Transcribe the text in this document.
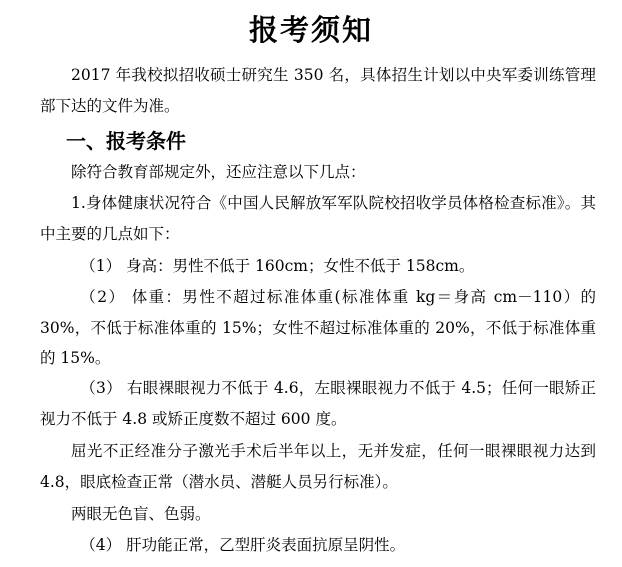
报考须知
2017 年我校拟招收硕士研究生 350 名，具体招生计划以中央军委训练管理部下达的文件为准。
一、报考条件
除符合教育部规定外，还应注意以下几点：
1.身体健康状况符合《中国人民解放军军队院校招收学员体格检查标准》。其中主要的几点如下：
（1） 身高：男性不低于 160cm；女性不低于 158cm。
（2） 体重：男性不超过标准体重(标准体重 kg＝身高 cm－110）的 30%，不低于标准体重的 15%；女性不超过标准体重的 20%，不低于标准体重的 15%。
（3） 右眼裸眼视力不低于 4.6，左眼裸眼视力不低于 4.5；任何一眼矫正视力不低于 4.8 或矫正度数不超过 600 度。
屈光不正经准分子激光手术后半年以上，无并发症，任何一眼裸眼视力达到 4.8，眼底检查正常（潜水员、潜艇人员另行标准）。
两眼无色盲、色弱。
（4） 肝功能正常，乙型肝炎表面抗原呈阴性。
